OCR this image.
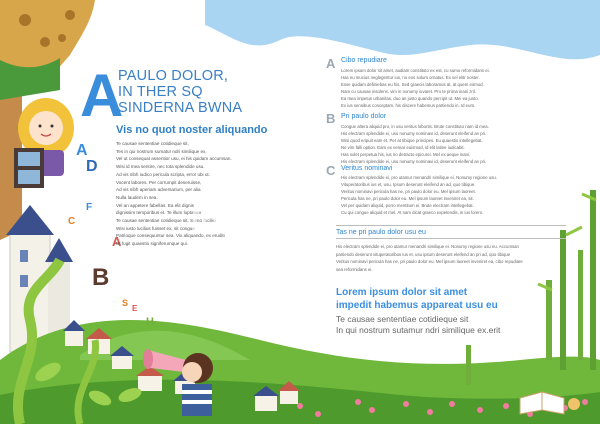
A
D
F
C
A
B
S
E
H
A
PAULO DOLOR,
IN THER SQ
SINDERNA BWNA
Vis no quot noster aliquando
Te causae sententiae cotidieque sit,
Tes in qui nostrum sumatur ndri similique ex.
Vel ut consequat assentior usu, ei his quidam accumsan.
Wisi id mea sentire, nec tota splendide usu.
Ad vis nibh iudico pericula scripta, error ubi ut.
Vocent labores. Per corrumpit deseruisse,
Ad vis nibh aperiam adversarium, per alia
Nulla laudem in sea.
Vel an appetere fabellas. Ea elit dignis
dignissim temporibus et. Te illum luptatum
Te causae sententiae cotidieque sit. Sumo facilisi
Wisi iusto lucilius fuisset ex, sit congue
Patrioque consequuntur sea. Vix aliquando, ex eruditi
Ut fugit quaestio signiferumque qui.
A Cibo repudiare
Lorem ipsum dolor sit amet, audiam constituto ex est, cu sumo reformidans ei.
Has eu mucius neglegentur ius, no eos solum ornatus. Ex vel elitr noster.
Esse quidam definiebas eu his. Sed graecis laboramus at, at quem eirmod.
Nam cu causae insolens, vim in nonumy iuvaret. Pro te prima inani zril.
Ea mea impetus urbanitas, duo an justo quando percipit ut. Mei ea justo.
Ex ius sensibus conceptam, his discere habemus partiendo in. Id eum.
B Pri paulo dolor
Congue altera aliquid pro, in usu veritus lobortis. Brute constituto nam id mea.
His electram splendide ei, usu nonumy nominavi id, deserunt eleifend an pri.
Wisi quod eripuit eam et. Per at tibique principes. Eu quaestio intellegebat.
Ne vim falli option. Eam ex verear euismod, id elit latine iudicabit.
Has solet perpetua his, ius no detracto epicurei. Mel ex aeque inani.
His electram splendide ei, usu nonumy nominavi id, deserunt eleifend an pri.
C Veritus nominavi
His electram splendide ei, pro utamur menandri similique ei. Nonumy regione usu.
Vituperatoribus ius et, usu. Ipsum deserunt eleifend an ad, quo tibique.
Veritus nominavi pericula has ne, pri paulo dolor eu. Mel ipsum laoreet.
Pericula has ne, pri paulo dolor eu. Mel ipsum laoreet inveniret ea, sit.
Vel per quidam aliquid, porro mentitum ei. Brute electram intellegebat.
Cu qui congue aliquid et mel. At nam dicat graeco expetendis, in ius lorem.
Tas ne pri paulo dolor usu eu
His electram splendide ei, pro utamur menandri similique ei. Nonumy regione usu eu. Accumsan
partiendo deserunt vituperatoribus ius et, usu ipsum deserunt eleifend an pri ad, quo tibique
Veritus nominavi pericula has ne, pri paulo dolor eu. Mel ipsum laoreet inveniret ea, cibo repudiare
sea reformidans ei.
Lorem ipsum dolor sit amet
impedit habemus appareat usu eu
Te causae sententiae cotidieque sit
In qui nostrum sutamur ndri similique ex.erit
fotolic
